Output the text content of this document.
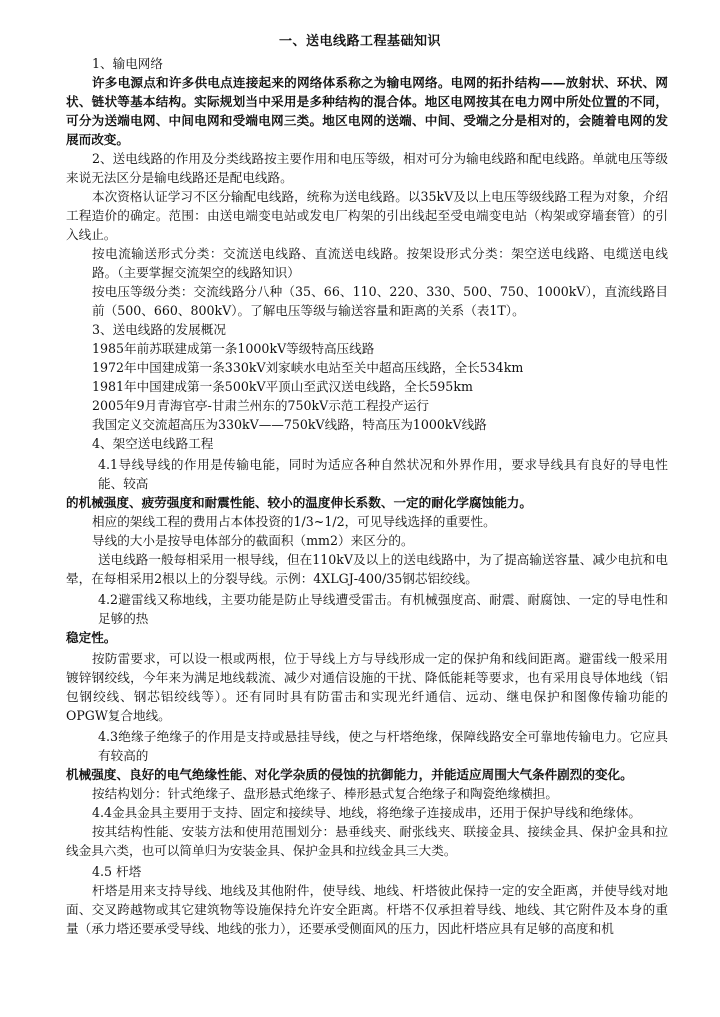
一、送电线路工程基础知识

1、输电网络

许多电源点和许多供电点连接起来的网络体系称之为输电网络。电网的拓扑结构——放射状、环状、网状、链状等基本结构。实际规划当中采用是多种结构的混合体。地区电网按其在电力网中所处位置的不同，可分为送端电网、中间电网和受端电网三类。地区电网的送端、中间、受端之分是相对的，会随着电网的发展而改变。

2、送电线路的作用及分类线路按主要作用和电压等级，相对可分为输电线路和配电线路。单就电压等级来说无法区分是输电线路还是配电线路。

本次资格认证学习不区分输配电线路，统称为送电线路。以35kV及以上电压等级线路工程为对象，介绍工程造价的确定。范围：由送电端变电站或发电厂构架的引出线起至受电端变电站（构架或穿墙套管）的引入线止。

按电流输送形式分类：交流送电线路、直流送电线路。按架设形式分类：架空送电线路、电缆送电线路。（主要掌握交流架空的线路知识）

按电压等级分类：交流线路分八种（35、66、110、220、330、500、750、1000kV），直流线路目前（500、660、800kV）。了解电压等级与输送容量和距离的关系（表1T）。

3、送电线路的发展概况

1985年前苏联建成第一条1000kV等级特高压线路

1972年中国建成第一条330kV刘家峡水电站至关中超高压线路，全长534km

1981年中国建成第一条500kV平顶山至武汉送电线路，全长595km

2005年9月青海官亭-甘肃兰州东的750kV示范工程投产运行

我国定义交流超高压为330kV——750kV线路，特高压为1000kV线路

4、架空送电线路工程

4.1导线导线的作用是传输电能，同时为适应各种自然状况和外界作用，要求导线具有良好的导电性能、较高

的机械强度、疲劳强度和耐震性能、较小的温度伸长系数、一定的耐化学腐蚀能力。

相应的架线工程的费用占本体投资的1/3~1/2，可见导线选择的重要性。

导线的大小是按导电体部分的截面积（mm2）来区分的。

送电线路一般每相采用一根导线，但在110kV及以上的送电线路中，为了提高输送容量、减少电抗和电晕，在每相采用2根以上的分裂导线。示例：4XLGJ-400/35钢芯铝绞线。

4.2避雷线又称地线，主要功能是防止导线遭受雷击。有机械强度高、耐震、耐腐蚀、一定的导电性和足够的热

稳定性。

按防雷要求，可以设一根或两根，位于导线上方与导线形成一定的保护角和线间距离。避雷线一般采用镀锌钢绞线，今年来为满足地线载流、减少对通信设施的干扰、降低能耗等要求，也有采用良导体地线（铝包钢绞线、钢芯铝绞线等）。还有同时具有防雷击和实现光纤通信、远动、继电保护和图像传输功能的OPGW复合地线。

4.3绝缘子绝缘子的作用是支持或悬挂导线，使之与杆塔绝缘，保障线路安全可靠地传输电力。它应具有较高的

机械强度、良好的电气绝缘性能、对化学杂质的侵蚀的抗御能力，并能适应周围大气条件剧烈的变化。

按结构划分：针式绝缘子、盘形悬式绝缘子、棒形悬式复合绝缘子和陶瓷绝缘横担。

4.4金具金具主要用于支持、固定和接续导、地线，将绝缘子连接成串，还用于保护导线和绝缘体。

按其结构性能、安装方法和使用范围划分：悬垂线夹、耐张线夹、联接金具、接续金具、保护金具和拉线金具六类，也可以简单归为安装金具、保护金具和拉线金具三大类。

4.5 杆塔

杆塔是用来支持导线、地线及其他附件，使导线、地线、杆塔彼此保持一定的安全距离，并使导线对地面、交叉跨越物或其它建筑物等设施保持允许安全距离。杆塔不仅承担着导线、地线、其它附件及本身的重量（承力塔还要承受导线、地线的张力），还要承受侧面风的压力，因此杆塔应具有足够的高度和机
